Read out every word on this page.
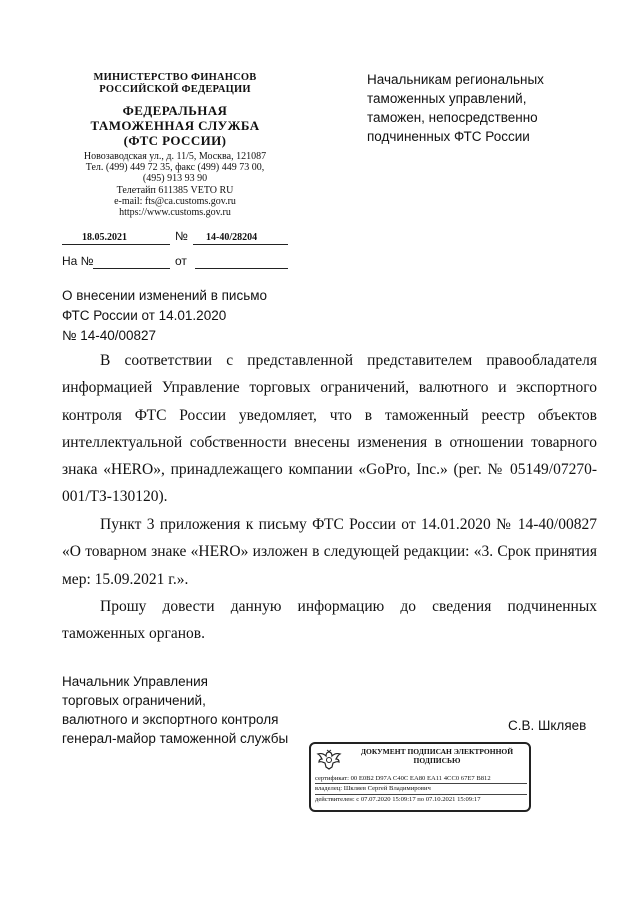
МИНИСТЕРСТВО ФИНАНСОВ
РОССИЙСКОЙ ФЕДЕРАЦИИ
ФЕДЕРАЛЬНАЯ
ТАМОЖЕННАЯ СЛУЖБА
(ФТС РОССИИ)
Новозаводская ул., д. 11/5, Москва, 121087
Тел. (499) 449 72 35, факс (499) 449 73 00,
(495) 913 93 90
Телетайп 611385 VETO RU
e-mail: fts@ca.customs.gov.ru
https://www.customs.gov.ru
Начальникам региональных
таможенных управлений,
таможен, непосредственно
подчиненных ФТС России
18.05.2021	№ 14-40/28204
На №	от
О внесении изменений в письмо
ФТС России от 14.01.2020
№ 14-40/00827

В соответствии с представленной представителем правообладателя информацией Управление торговых ограничений, валютного и экспортного контроля ФТС России уведомляет, что в таможенный реестр объектов интеллектуальной собственности внесены изменения в отношении товарного знака «HERO», принадлежащего компании «GoPro, Inc.» (рег. № 05149/07270-001/ТЗ-130120).

Пункт 3 приложения к письму ФТС России от 14.01.2020 № 14-40/00827 «О товарном знаке «HERO» изложен в следующей редакции: «3. Срок принятия мер: 15.09.2021 г.».

Прошу довести данную информацию до сведения подчиненных таможенных органов.

Начальник Управления
торговых ограничений,
валютного и экспортного контроля
генерал-майор таможенной службы
С.В. Шкляев
ДОКУМЕНТ ПОДПИСАН ЭЛЕКТРОННОЙ
ПОДПИСЬЮ
сертификат: 00 E0B2 D97A C40C EA80 EA11 4CC0 67E7 B812
владелец: Шкляев Сергей Владимирович
действителен: с 07.07.2020 15:09:17 по 07.10.2021 15:09:17
